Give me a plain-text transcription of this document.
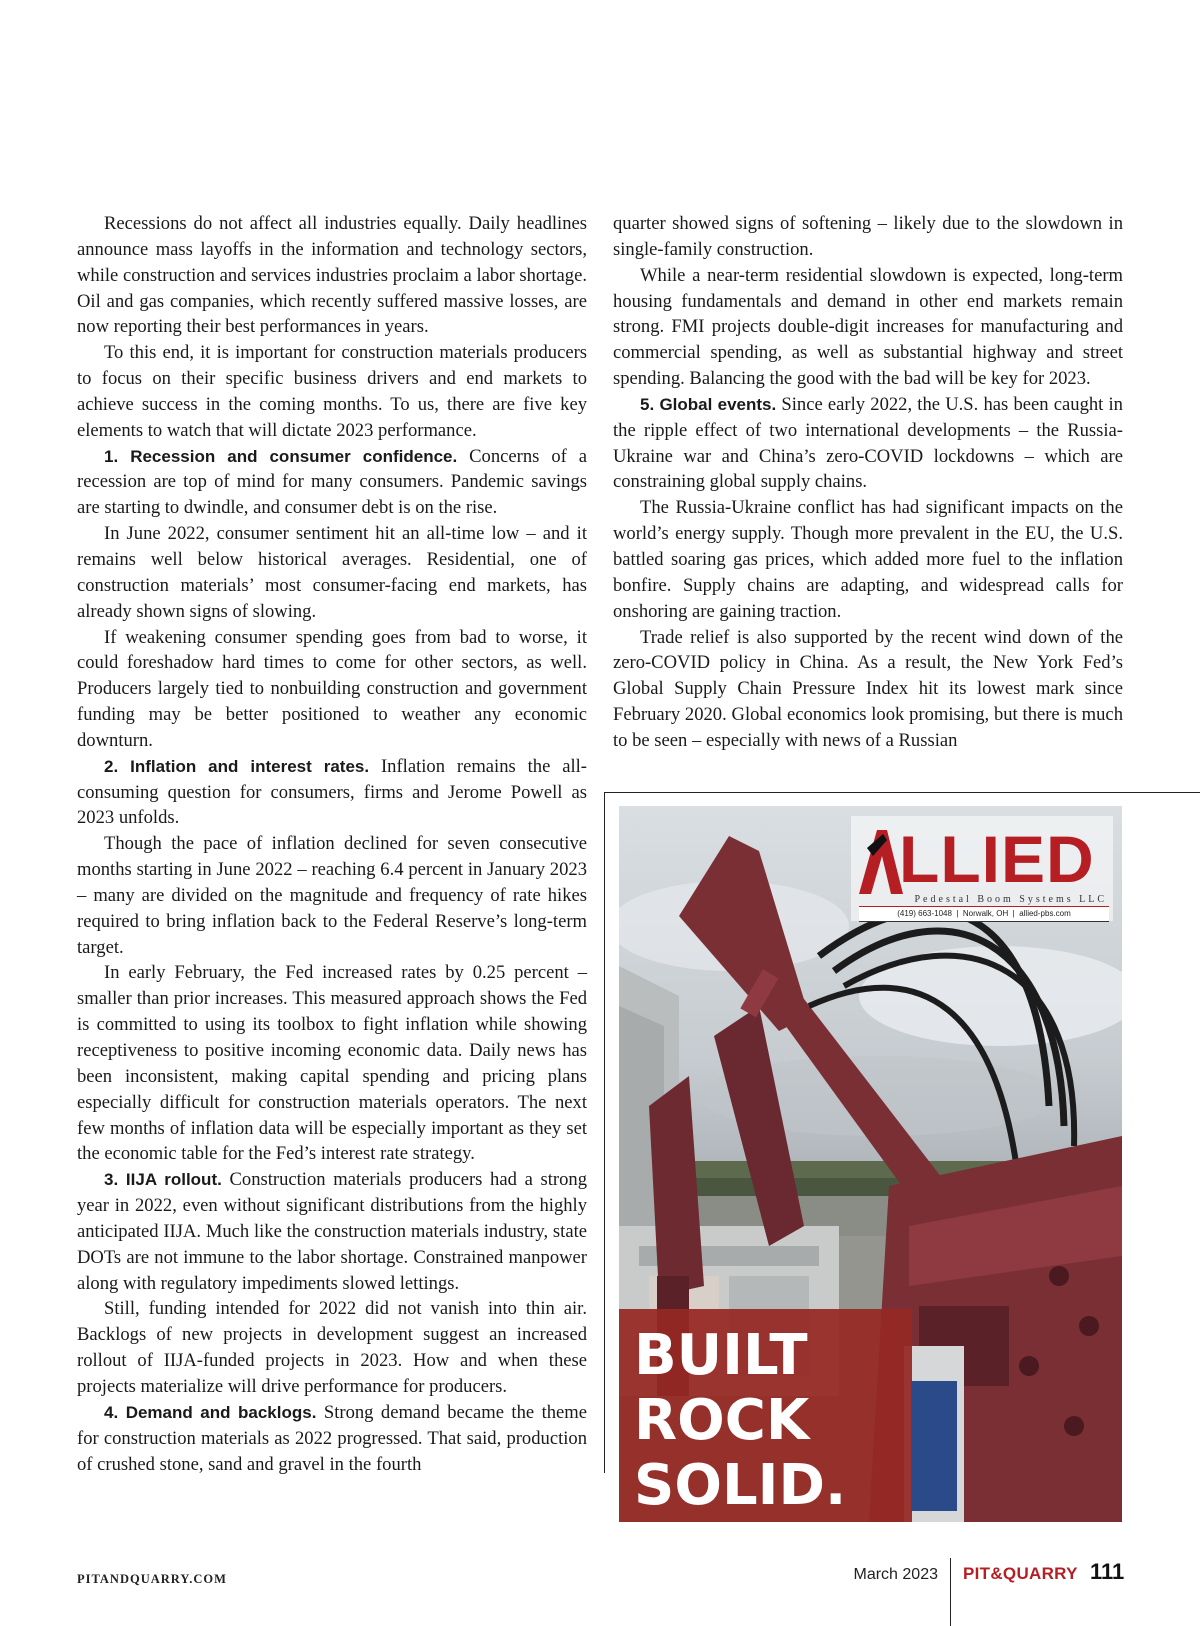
Recessions do not affect all industries equally. Daily headlines announce mass layoffs in the information and technology sectors, while construction and services industries proclaim a labor shortage. Oil and gas companies, which recently suffered massive losses, are now reporting their best performances in years.

To this end, it is important for construction materials producers to focus on their specific business drivers and end markets to achieve success in the coming months. To us, there are five key elements to watch that will dictate 2023 performance.

1. Recession and consumer confidence. Concerns of a recession are top of mind for many consumers. Pandemic savings are starting to dwindle, and consumer debt is on the rise.

In June 2022, consumer sentiment hit an all-time low – and it remains well below historical averages. Residential, one of construction materials’ most consumer-facing end markets, has already shown signs of slowing.

If weakening consumer spending goes from bad to worse, it could foreshadow hard times to come for other sectors, as well. Producers largely tied to nonbuilding construction and government funding may be better positioned to weather any economic downturn.

2. Inflation and interest rates. Inflation remains the all-consuming question for consumers, firms and Jerome Powell as 2023 unfolds.

Though the pace of inflation declined for seven consecutive months starting in June 2022 – reaching 6.4 percent in January 2023 – many are divided on the magnitude and frequency of rate hikes required to bring inflation back to the Federal Reserve’s long-term target.

In early February, the Fed increased rates by 0.25 percent – smaller than prior increases. This measured approach shows the Fed is committed to using its toolbox to fight inflation while showing receptiveness to positive incoming economic data. Daily news has been inconsistent, making capital spending and pricing plans especially difficult for construction materials operators. The next few months of inflation data will be especially important as they set the economic table for the Fed’s interest rate strategy.

3. IIJA rollout. Construction materials producers had a strong year in 2022, even without significant distributions from the highly anticipated IIJA. Much like the construction materials industry, state DOTs are not immune to the labor shortage. Constrained manpower along with regulatory impediments slowed lettings.

Still, funding intended for 2022 did not vanish into thin air. Backlogs of new projects in development suggest an increased rollout of IIJA-funded projects in 2023. How and when these projects materialize will drive performance for producers.

4. Demand and backlogs. Strong demand became the theme for construction materials as 2022 progressed. That said, production of crushed stone, sand and gravel in the fourth

quarter showed signs of softening – likely due to the slowdown in single-family construction.

While a near-term residential slowdown is expected, long-term housing fundamentals and demand in other end markets remain strong. FMI projects double-digit increases for manufacturing and commercial spending, as well as substantial highway and street spending. Balancing the good with the bad will be key for 2023.

5. Global events. Since early 2022, the U.S. has been caught in the ripple effect of two international developments – the Russia-Ukraine war and China’s zero-COVID lockdowns – which are constraining global supply chains.

The Russia-Ukraine conflict has had significant impacts on the world’s energy supply. Though more prevalent in the EU, the U.S. battled soaring gas prices, which added more fuel to the inflation bonfire. Supply chains are adapting, and widespread calls for onshoring are gaining traction.

Trade relief is also supported by the recent wind down of the zero-COVID policy in China. As a result, the New York Fed’s Global Supply Chain Pressure Index hit its lowest mark since February 2020. Global economics look promising, but there is much to be seen – especially with news of a Russian

LLIED
Pedestal Boom Systems LLC
(419) 663-1048  |  Norwalk, OH  |  allied-pbs.com
BUILT
ROCK
SOLID.
PITANDQUARRY.COM	March 2023 PIT&QUARRY 111
